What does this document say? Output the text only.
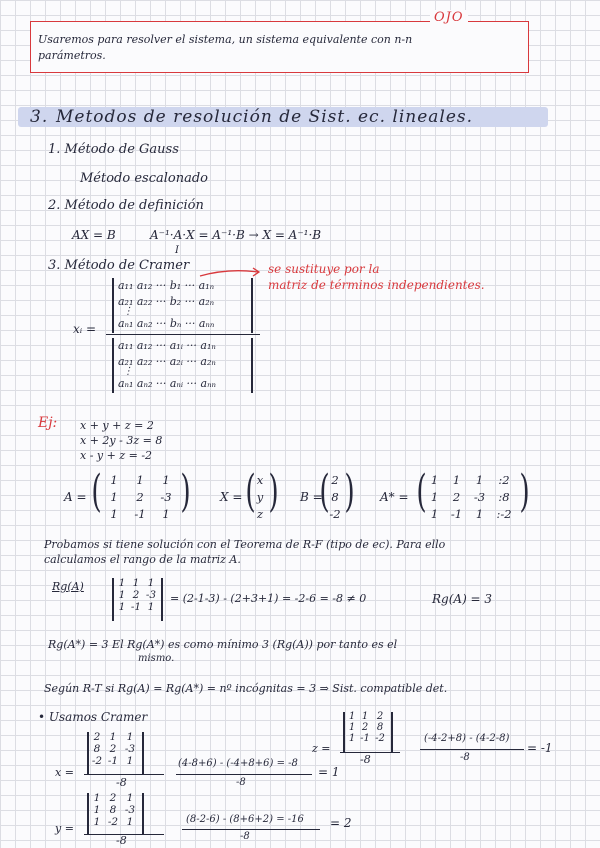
OJO
Usaremos para resolver el sistema, un sistema equivalente con n-n
parámetros.
3. Metodos de resolución de Sist. ec. lineales.
1. Método de Gauss
Método escalonado
2. Método de definición
AX = B	A⁻¹·A·X = A⁻¹·B → X = A⁻¹·B
I
3. Método de Cramer	se sustituye por la
matriz de términos independientes.
xᵢ =
a₁₁ a₁₂ ··· b₁ ··· a₁ₙ
a₂₁ a₂₂ ··· b₂ ··· a₂ₙ
⋮
aₙ₁ aₙ₂ ··· bₙ ··· aₙₙ
a₁₁ a₁₂ ··· a₁ᵢ ··· a₁ₙ
a₂₁ a₂₂ ··· a₂ᵢ ··· a₂ₙ
⋮
aₙ₁ aₙ₂ ··· aₙᵢ ··· aₙₙ
Ej: x + y + z = 2
x + 2y - 3z = 8
x - y + z = -2
A = ( 1	1	1
1	2	-3
1	-1	1 ) X = ( x
y
z ) B =
( 2
8
-2 ) A* = ( 1	1	1	:2
1	2	-3	:8
1	-1	1	:-2 )
Probamos si tiene solución con el Teorema de R-F (tipo de ec). Para ello
calculamos el rango de la matriz A.
Rg(A)	1 1 1
1 2 -3
1 -1 1
= (2-1-3) - (2+3+1) = -2-6 = -8 ≠ 0	Rg(A) = 3
Rg(A*) = 3 El Rg(A*) es como mínimo 3 (Rg(A)) por tanto es el
mismo.
Según R-T si Rg(A) = Rg(A*) = nº incógnitas = 3 ⇒ Sist. compatible det.
• Usamos Cramer
x =
2 1 1
8 2 -3
-2 -1 1
-8
(4-8+6) - (-4+8+6) = -8
-8
= 1
y =
1 2 1
1 8 -3
1 -2 1
-8
(8-2-6) - (8+6+2) = -16
-8
= 2
z =
1 1 2
1 2 8
1 -1 -2
-8
(-4-2+8) - (4-2-8)
-8
= -1
